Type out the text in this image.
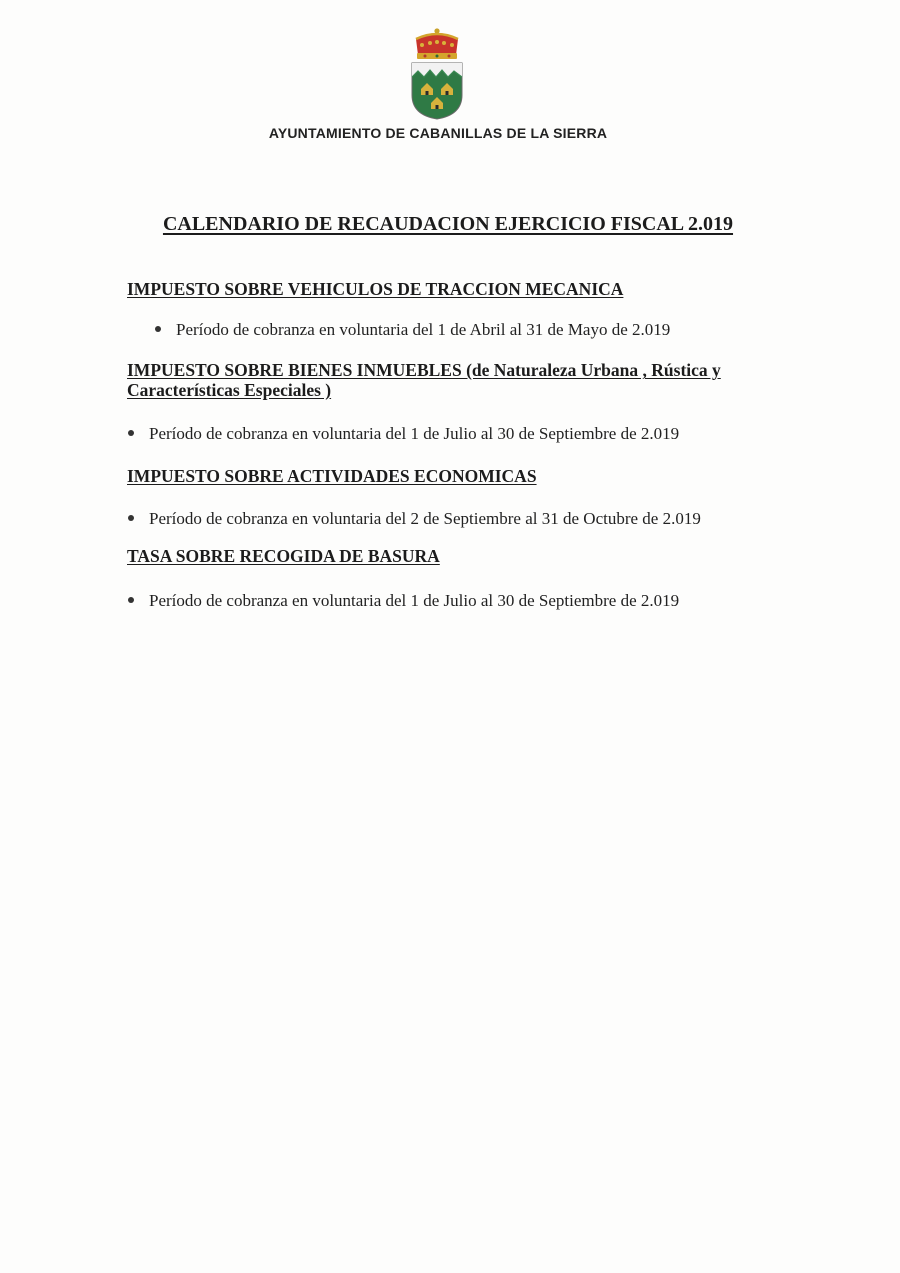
AYUNTAMIENTO DE CABANILLAS DE LA SIERRA
CALENDARIO DE RECAUDACION EJERCICIO FISCAL 2.019
IMPUESTO SOBRE VEHICULOS DE TRACCION MECANICA
Período de cobranza en voluntaria del 1 de Abril al 31 de Mayo de 2.019
IMPUESTO SOBRE BIENES INMUEBLES (de Naturaleza Urbana , Rústica y Características Especiales )
Período de cobranza en voluntaria del 1 de Julio al 30 de Septiembre de 2.019
IMPUESTO SOBRE ACTIVIDADES ECONOMICAS
Período de cobranza en voluntaria del 2 de Septiembre al 31 de Octubre de 2.019
TASA SOBRE RECOGIDA DE BASURA
Período de cobranza en voluntaria del 1 de Julio al 30 de Septiembre de 2.019
